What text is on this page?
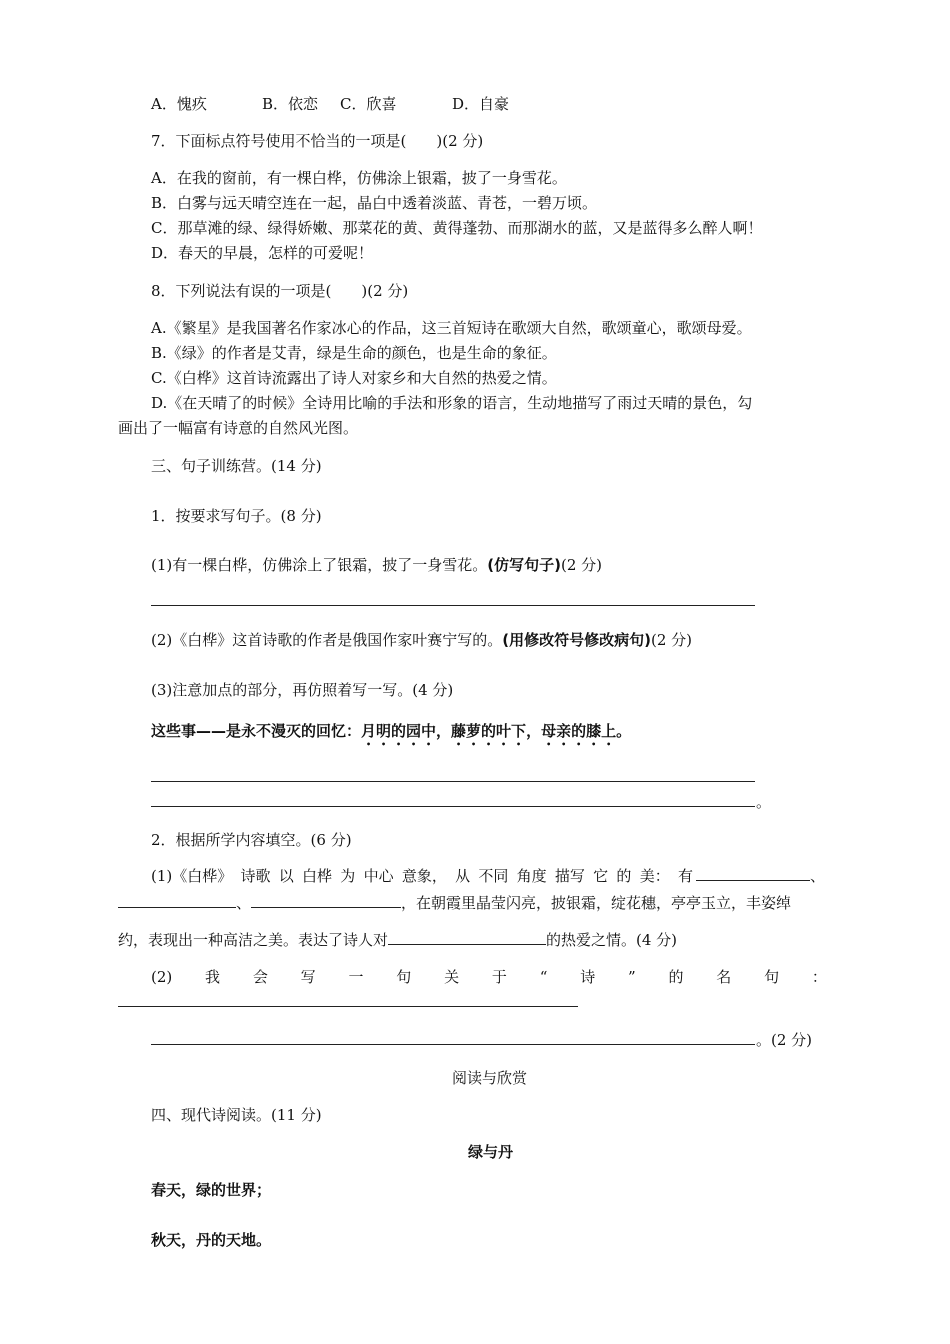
A．愧疚	B．依恋 C．欣喜	D．自豪
7．下面标点符号使用不恰当的一项是(　　)(2 分)
A．在我的窗前，有一棵白桦，仿佛涂上银霜，披了一身雪花。
B．白雾与远天晴空连在一起，晶白中透着淡蓝、青苍，一碧万顷。
C．那草滩的绿、绿得娇嫩、那菜花的黄、黄得蓬勃、而那湖水的蓝，又是蓝得多么醉人啊！
D．春天的早晨，怎样的可爱呢！
8．下列说法有误的一项是(　　)(2 分)
A.《繁星》是我国著名作家冰心的作品，这三首短诗在歌颂大自然，歌颂童心，歌颂母爱。
B.《绿》的作者是艾青，绿是生命的颜色，也是生命的象征。
C.《白桦》这首诗流露出了诗人对家乡和大自然的热爱之情。
D.《在天晴了的时候》全诗用比喻的手法和形象的语言，生动地描写了雨过天晴的景色，勾
画出了一幅富有诗意的自然风光图。
三、句子训练营。(14 分)
1．按要求写句子。(8 分)
(1)有一棵白桦，仿佛涂上了银霜，披了一身雪花。(仿写句子)(2 分)
(2)《白桦》这首诗歌的作者是俄国作家叶赛宁写的。(用修改符号修改病句)(2 分)
(3)注意加点的部分，再仿照着写一写。(4 分)
这些事——是永不漫灭的回忆：月明的园中，藤萝的叶下，母亲的膝上。
。
2．根据所学内容填空。(6 分)
(1)《白桦》 诗歌 以 白桦 为 中心 意象， 从 不同 角度 描写 它 的 美： 有	、
、	，在朝霞里晶莹闪亮，披银霜，绽花穗，亭亭玉立，丰姿绰
约，表现出一种高洁之美。表达了诗人对	的热爱之情。(4 分)
(2) 我 会 写 一 句 关 于 “ 诗 ” 的 名 句 ：
。(2 分)
阅读与欣赏
四、现代诗阅读。(11 分)
绿与丹
春天，绿的世界；
秋天，丹的天地。
